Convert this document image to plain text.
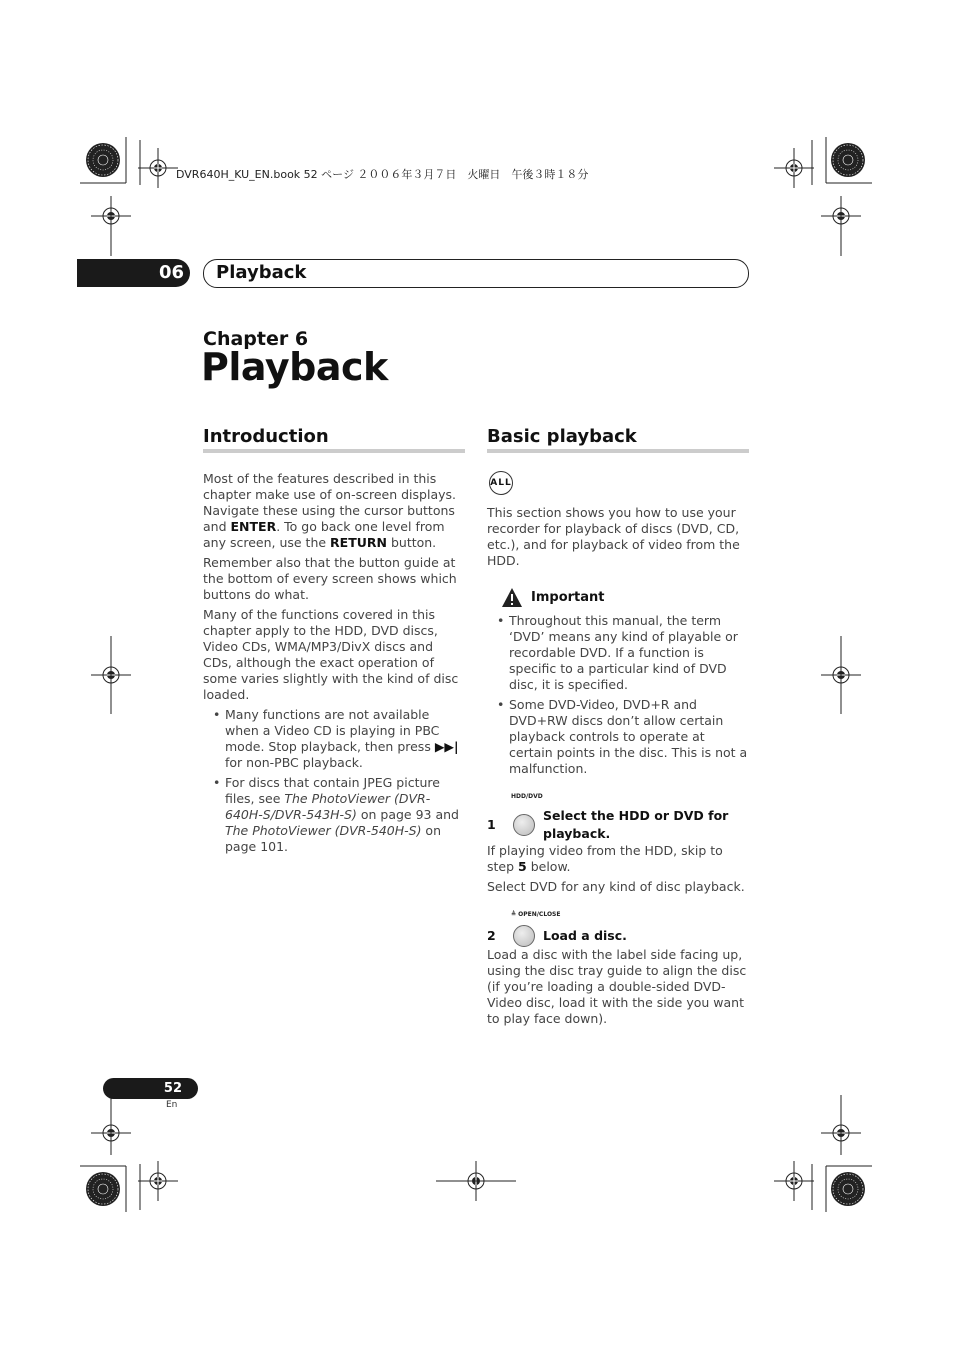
DVR640H_KU_EN.book 52 ページ ２００６年３月７日　火曜日　午後３時１８分
06	Playback
Chapter 6
Playback
Introduction

Most of the features described in this chapter make use of on-screen displays. Navigate these using the cursor buttons and ENTER. To go back one level from any screen, use the RETURN button.

Remember also that the button guide at the bottom of every screen shows which buttons do what.

Many of the functions covered in this chapter apply to the HDD, DVD discs, Video CDs, WMA/MP3/DivX discs and CDs, although the exact operation of some varies slightly with the kind of disc loaded.

• Many functions are not available when a Video CD is playing in PBC mode. Stop playback, then press ▶▶| for non-PBC playback.
• For discs that contain JPEG picture files, see The PhotoViewer (DVR-640H-S/DVR-543H-S) on page 93 and The PhotoViewer (DVR-540H-S) on page 101.
Basic playback
ALL

This section shows you how to use your recorder for playback of discs (DVD, CD, etc.), and for playback of video from the HDD.

Important
• Throughout this manual, the term ‘DVD’ means any kind of playable or recordable DVD. If a function is specific to a particular kind of DVD disc, it is specified.
• Some DVD-Video, DVD+R and DVD+RW discs don’t allow certain playback controls to operate at certain points in the disc. This is not a malfunction.
HDD/DVD
1
Select the HDD or DVD for playback.

If playing video from the HDD, skip to step 5 below.

Select DVD for any kind of disc playback.

≜ OPEN/CLOSE
2	Load a disc.

Load a disc with the label side facing up, using the disc tray guide to align the disc (if you’re loading a double-sided DVD-Video disc, load it with the side you want to play face down).

52
En
